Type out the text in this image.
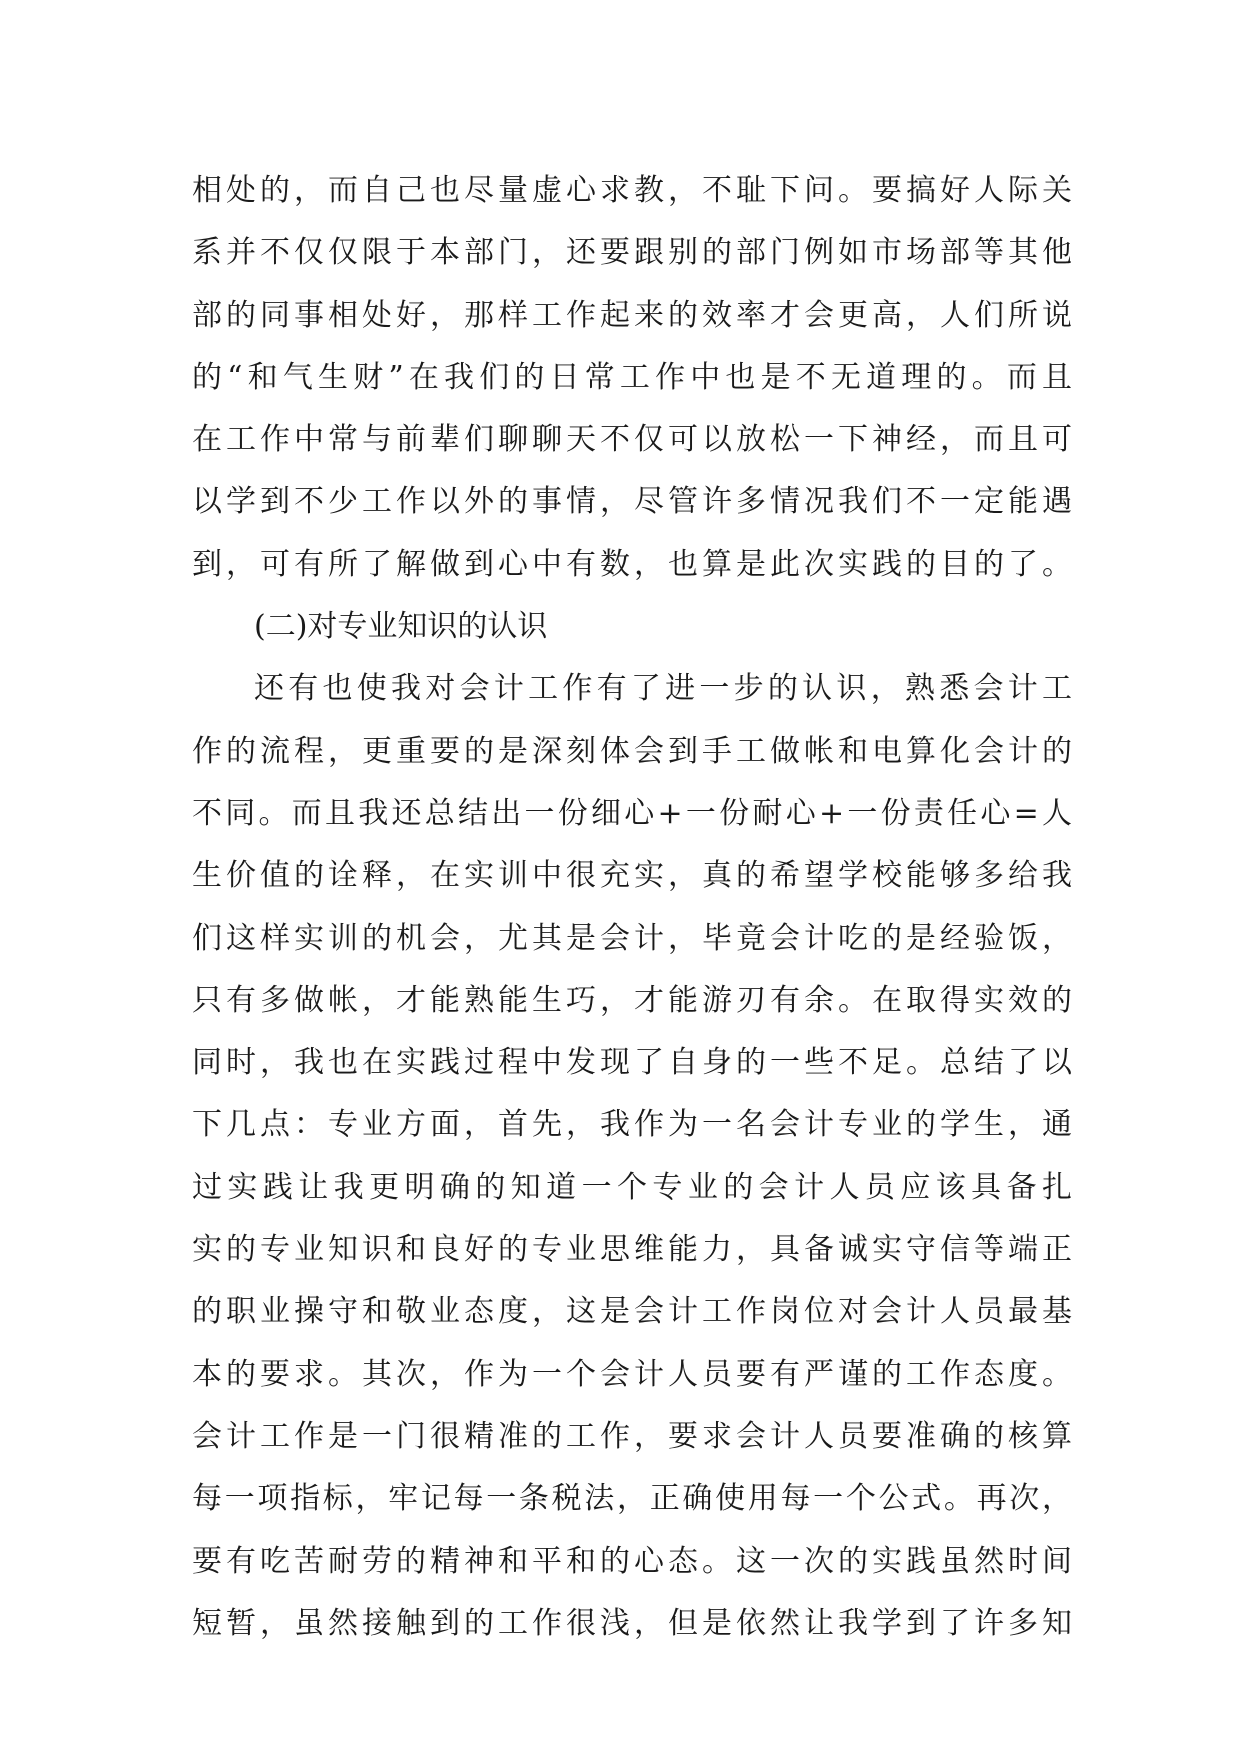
相处的，而自己也尽量虚心求教，不耻下问。要搞好人际关
系并不仅仅限于本部门，还要跟别的部门例如市场部等其他
部的同事相处好，那样工作起来的效率才会更高，人们所说
的“和气生财”在我们的日常工作中也是不无道理的。而且
在工作中常与前辈们聊聊天不仅可以放松一下神经，而且可
以学到不少工作以外的事情，尽管许多情况我们不一定能遇
到，可有所了解做到心中有数，也算是此次实践的目的了。
(二)对专业知识的认识
还有也使我对会计工作有了进一步的认识，熟悉会计工
作的流程，更重要的是深刻体会到手工做帐和电算化会计的
不同。而且我还总结出一份细心+一份耐心+一份责任心=人
生价值的诠释，在实训中很充实，真的希望学校能够多给我
们这样实训的机会，尤其是会计，毕竟会计吃的是经验饭，
只有多做帐，才能熟能生巧，才能游刃有余。在取得实效的
同时，我也在实践过程中发现了自身的一些不足。总结了以
下几点：专业方面，首先，我作为一名会计专业的学生，通
过实践让我更明确的知道一个专业的会计人员应该具备扎
实的专业知识和良好的专业思维能力，具备诚实守信等端正
的职业操守和敬业态度，这是会计工作岗位对会计人员最基
本的要求。其次，作为一个会计人员要有严谨的工作态度。
会计工作是一门很精准的工作，要求会计人员要准确的核算
每一项指标，牢记每一条税法，正确使用每一个公式。再次，
要有吃苦耐劳的精神和平和的心态。这一次的实践虽然时间
短暂，虽然接触到的工作很浅，但是依然让我学到了许多知
